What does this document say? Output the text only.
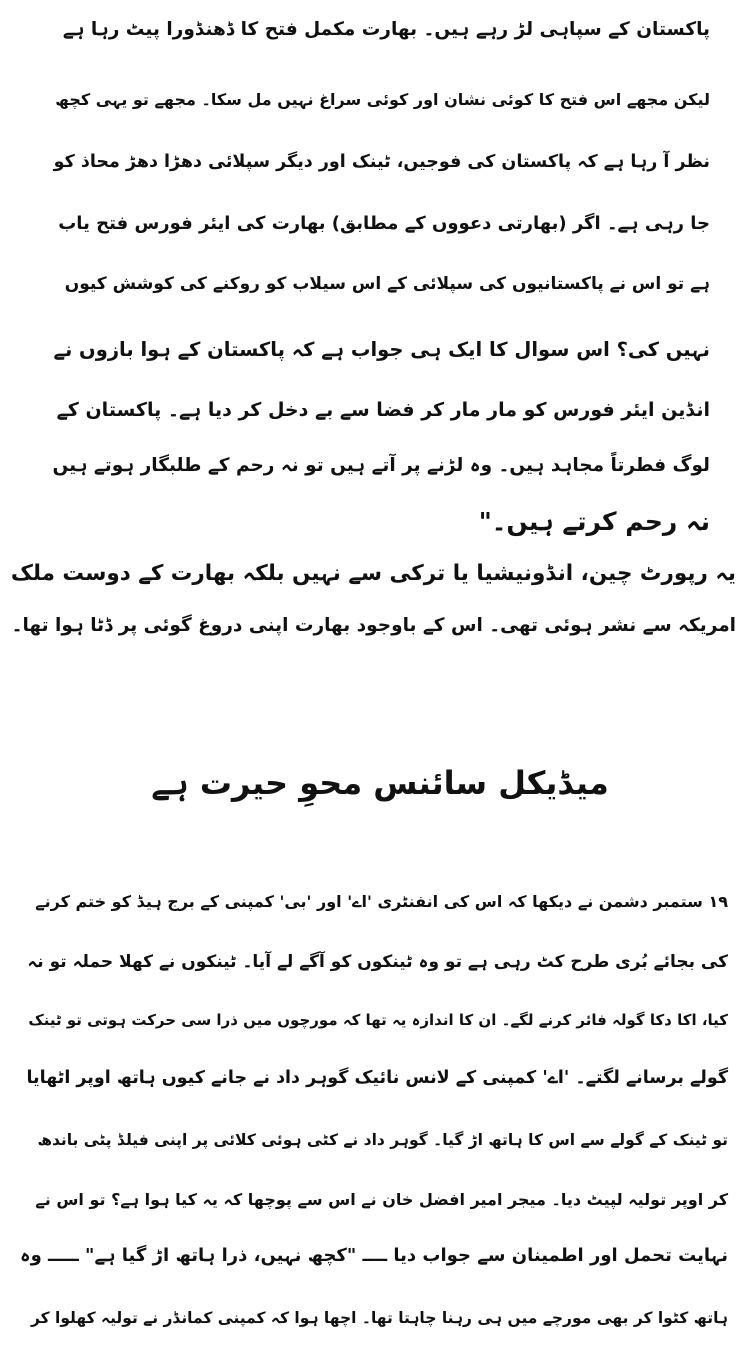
پاکستان کے سپاہی لڑ رہے ہیں۔ بھارت مکمل فتح کا ڈھنڈورا پیٹ رہا ہے
لیکن مجھے اس فتح کا کوئی نشان اور کوئی سراغ نہیں مل سکا۔ مجھے تو یہی کچھ
نظر آ رہا ہے کہ پاکستان کی فوجیں، ٹینک اور دیگر سپلائی دھڑا دھڑ محاذ کو
جا رہی ہے۔ اگر (بھارتی دعووں کے مطابق) بھارت کی ایئر فورس فتح یاب
ہے تو اس نے پاکستانیوں کی سپلائی کے اس سیلاب کو روکنے کی کوشش کیوں
نہیں کی؟ اس سوال کا ایک ہی جواب ہے کہ پاکستان کے ہوا بازوں نے
انڈین ایئر فورس کو مار مار کر فضا سے بے دخل کر دیا ہے۔ پاکستان کے
لوگ فطرتاً مجاہد ہیں۔ وہ لڑنے پر آتے ہیں تو نہ رحم کے طلبگار ہوتے ہیں
نہ رحم کرتے ہیں۔"
یہ رپورٹ چین، انڈونیشیا یا ترکی سے نہیں بلکہ بھارت کے دوست ملک
امریکہ سے نشر ہوئی تھی۔ اس کے باوجود بھارت اپنی دروغ گوئی پر ڈٹا ہوا تھا۔
میڈیکل سائنس محوِ حیرت ہے
۱۹ ستمبر دشمن نے دیکھا کہ اس کی انفنٹری 'اے' اور 'بی' کمپنی کے برج ہیڈ کو ختم کرنے
کی بجائے بُری طرح کٹ رہی ہے تو وہ ٹینکوں کو آگے لے آیا۔ ٹینکوں نے کھلا حملہ تو نہ
کیا، اکا دکا گولہ فائر کرنے لگے۔ ان کا اندازہ یہ تھا کہ مورچوں میں ذرا سی حرکت ہوتی تو ٹینک
گولے برسانے لگتے۔ 'اے' کمپنی کے لانس نائیک گوہر داد نے جانے کیوں ہاتھ اوپر اٹھایا
تو ٹینک کے گولے سے اس کا ہاتھ اڑ گیا۔ گوہر داد نے کٹی ہوئی کلائی پر اپنی فیلڈ پٹی باندھ
کر اوپر تولیہ لپیٹ دیا۔ میجر امیر افضل خان نے اس سے پوچھا کہ یہ کیا ہوا ہے؟ تو اس نے
نہایت تحمل اور اطمینان سے جواب دیا ــــ "کچھ نہیں، ذرا ہاتھ اڑ گیا ہے" ـــــ وہ
ہاتھ کٹوا کر بھی مورچے میں ہی رہنا چاہتا تھا۔ اچھا ہوا کہ کمپنی کمانڈر نے تولیہ کھلوا کر
